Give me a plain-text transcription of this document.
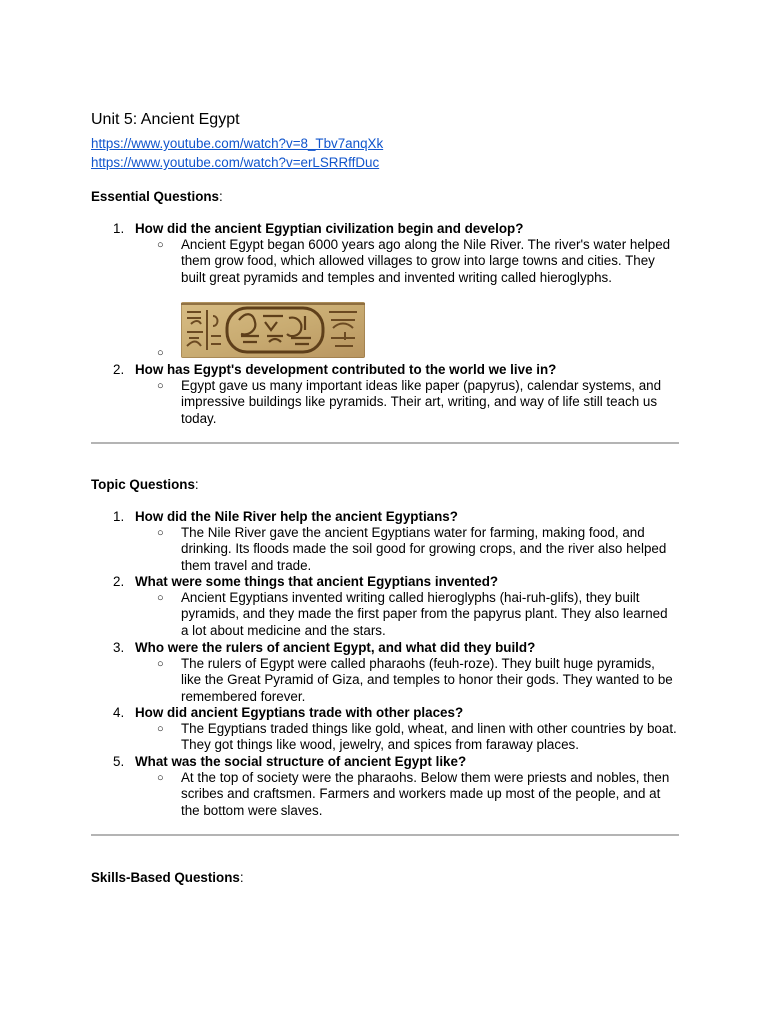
Unit 5: Ancient Egypt
https://www.youtube.com/watch?v=8_Tbv7anqXk
https://www.youtube.com/watch?v=erLSRRffDuc
Essential Questions:
1. How did the ancient Egyptian civilization begin and develop?
○ Ancient Egypt began 6000 years ago along the Nile River. The river's water helped them grow food, which allowed villages to grow into large towns and cities. They built great pyramids and temples and invented writing called hieroglyphs.
○
2. How has Egypt's development contributed to the world we live in?
○ Egypt gave us many important ideas like paper (papyrus), calendar systems, and impressive buildings like pyramids. Their art, writing, and way of life still teach us today.
Topic Questions:
1. How did the Nile River help the ancient Egyptians?
○ The Nile River gave the ancient Egyptians water for farming, making food, and drinking. Its floods made the soil good for growing crops, and the river also helped them travel and trade.
2. What were some things that ancient Egyptians invented?
○ Ancient Egyptians invented writing called hieroglyphs (hai-ruh-glifs), they built pyramids, and they made the first paper from the papyrus plant. They also learned a lot about medicine and the stars.
3. Who were the rulers of ancient Egypt, and what did they build?
○ The rulers of Egypt were called pharaohs (feuh-roze). They built huge pyramids, like the Great Pyramid of Giza, and temples to honor their gods. They wanted to be remembered forever.
4. How did ancient Egyptians trade with other places?
○ The Egyptians traded things like gold, wheat, and linen with other countries by boat. They got things like wood, jewelry, and spices from faraway places.
5. What was the social structure of ancient Egypt like?
○ At the top of society were the pharaohs. Below them were priests and nobles, then scribes and craftsmen. Farmers and workers made up most of the people, and at the bottom were slaves.
Skills-Based Questions:
